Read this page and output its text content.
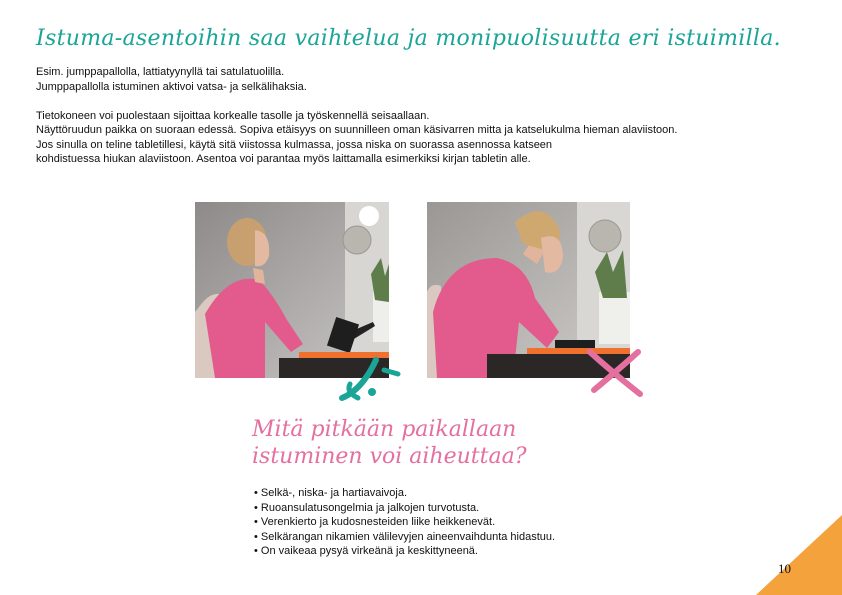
Istuma-asentoihin saa vaihtelua ja monipuolisuutta eri istuimilla.

Esim. jumppapallolla, lattiatyynyllä tai satulatuolilla.
Jumppapallolla istuminen aktivoi vatsa- ja selkälihaksia.

Tietokoneen voi puolestaan sijoittaa korkealle tasolle ja työskennellä seisaallaan.
Näyttöruudun paikka on suoraan edessä. Sopiva etäisyys on suunnilleen oman käsivarren mitta ja katselukulma hieman alaviistoon.
Jos sinulla on teline tabletillesi, käytä sitä viistossa kulmassa, jossa niska on suorassa asennossa katseen
kohdistuessa hiukan alaviistoon. Asentoa voi parantaa myös laittamalla esimerkiksi kirjan tabletin alle.

Mitä pitkään paikallaan
istuminen voi aiheuttaa?
• Selkä-, niska- ja hartiavaivoja.
• Ruoansulatusongelmia ja jalkojen turvotusta.
• Verenkierto ja kudosnesteiden liike heikkenevät.
• Selkärangan nikamien välilevyjen aineenvaihdunta hidastuu.
• On vaikeaa pysyä virkeänä ja keskittyneenä.
10
